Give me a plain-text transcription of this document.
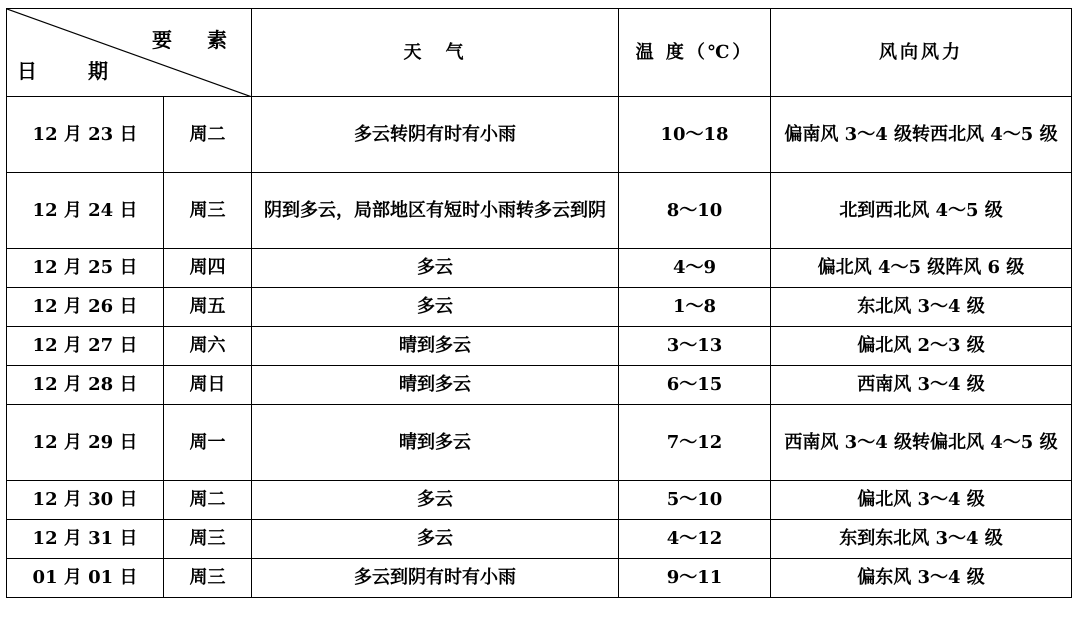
要 素
日 期		天　气	温 度（℃）	风向风力
12 月 23 日	周二	多云转阴有时有小雨	10～18	偏南风 3～4 级转西北风 4～5 级
12 月 24 日	周三	阴到多云，局部地区有短时小雨转多云到阴	8～10	北到西北风 4～5 级
12 月 25 日	周四	多云	4～9	偏北风 4～5 级阵风 6 级
12 月 26 日	周五	多云	1～8	东北风 3～4 级
12 月 27 日	周六	晴到多云	3～13	偏北风 2～3 级
12 月 28 日	周日	晴到多云	6～15	西南风 3～4 级
12 月 29 日	周一	晴到多云	7～12	西南风 3～4 级转偏北风 4～5 级
12 月 30 日	周二	多云	5～10	偏北风 3～4 级
12 月 31 日	周三	多云	4～12	东到东北风 3～4 级
01 月 01 日	周三	多云到阴有时有小雨	9～11	偏东风 3～4 级
